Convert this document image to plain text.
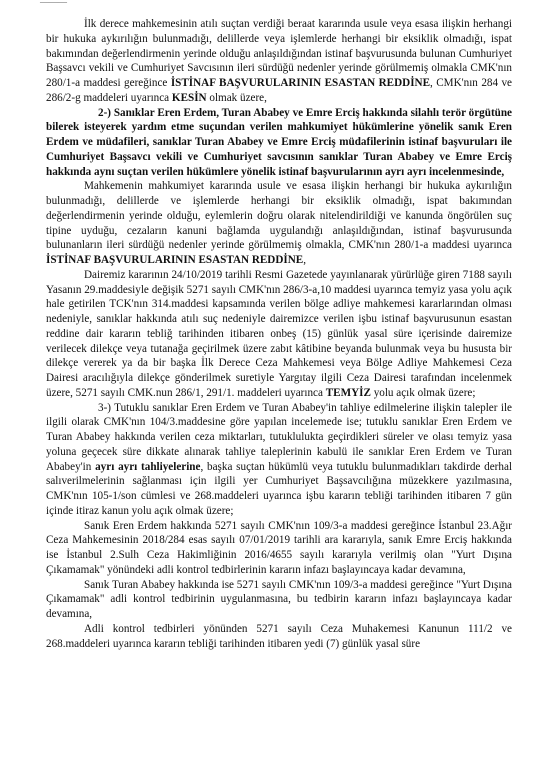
———

İlk derece mahkemesinin atılı suçtan verdiği beraat kararında usule veya esasa ilişkin herhangi bir hukuka aykırılığın bulunmadığı, delillerde veya işlemlerde herhangi bir eksiklik olmadığı, ispat bakımından değerlendirmenin yerinde olduğu anlaşıldığından istinaf başvurusunda bulunan Cumhuriyet Başsavcı vekili ve Cumhuriyet Savcısının ileri sürdüğü nedenler yerinde görülmemiş olmakla CMK'nın 280/1-a maddesi gereğince İSTİNAF BAŞVURULARININ ESASTAN REDDİNE, CMK'nın 284 ve 286/2-g maddeleri uyarınca KESİN olmak üzere,

2-) Sanıklar Eren Erdem, Turan Ababey ve Emre Erciş hakkında silahlı terör örgütüne bilerek isteyerek yardım etme suçundan verilen mahkumiyet hükümlerine yönelik sanık Eren Erdem ve müdafileri, sanıklar Turan Ababey ve Emre Erciş müdafilerinin istinaf başvuruları ile Cumhuriyet Başsavcı vekili ve Cumhuriyet savcısının sanıklar Turan Ababey ve Emre Erciş hakkında aynı suçtan verilen hükümlere yönelik istinaf başvurularının ayrı ayrı incelenmesinde,

Mahkemenin mahkumiyet kararında usule ve esasa ilişkin herhangi bir hukuka aykırılığın bulunmadığı, delillerde ve işlemlerde herhangi bir eksiklik olmadığı, ispat bakımından değerlendirmenin yerinde olduğu, eylemlerin doğru olarak nitelendirildiği ve kanunda öngörülen suç tipine uyduğu, cezaların kanuni bağlamda uygulandığı anlaşıldığından, istinaf başvurusunda bulunanların ileri sürdüğü nedenler yerinde görülmemiş olmakla, CMK'nın 280/1-a maddesi uyarınca İSTİNAF BAŞVURULARININ ESASTAN REDDİNE,

Dairemiz kararının 24/10/2019 tarihli Resmi Gazetede yayınlanarak yürürlüğe giren 7188 sayılı Yasanın 29.maddesiyle değişik 5271 sayılı CMK'nın 286/3-a,10 maddesi uyarınca temyiz yasa yolu açık hale getirilen TCK'nın 314.maddesi kapsamında verilen bölge adliye mahkemesi kararlarından olması nedeniyle, sanıklar hakkında atılı suç nedeniyle dairemizce verilen işbu istinaf başvurusunun esastan reddine dair kararın tebliğ tarihinden itibaren onbeş (15) günlük yasal süre içerisinde dairemize verilecek dilekçe veya tutanağa geçirilmek üzere zabıt kâtibine beyanda bulunmak veya bu hususta bir dilekçe vererek ya da bir başka İlk Derece Ceza Mahkemesi veya Bölge Adliye Mahkemesi Ceza Dairesi aracılığıyla dilekçe gönderilmek suretiyle Yargıtay ilgili Ceza Dairesi tarafından incelenmek üzere, 5271 sayılı CMK.nun 286/1, 291/1. maddeleri uyarınca TEMYİZ yolu açık olmak üzere;

3-) Tutuklu sanıklar Eren Erdem ve Turan Ababey'in tahliye edilmelerine ilişkin talepler ile ilgili olarak CMK'nın 104/3.maddesine göre yapılan incelemede ise; tutuklu sanıklar Eren Erdem ve Turan Ababey hakkında verilen ceza miktarları, tutuklulukta geçirdikleri süreler ve olası temyiz yasa yoluna geçecek süre dikkate alınarak tahliye taleplerinin kabulü ile sanıklar Eren Erdem ve Turan Ababey'in ayrı ayrı tahliyelerine, başka suçtan hükümlü veya tutuklu bulunmadıkları takdirde derhal salıverilmelerinin sağlanması için ilgili yer Cumhuriyet Başsavcılığına müzekkere yazılmasına, CMK'nın 105-1/son cümlesi ve 268.maddeleri uyarınca işbu kararın tebliği tarihinden itibaren 7 gün içinde itiraz kanun yolu açık olmak üzere;

Sanık Eren Erdem hakkında 5271 sayılı CMK'nın 109/3-a maddesi gereğince İstanbul 23.Ağır Ceza Mahkemesinin 2018/284 esas sayılı 07/01/2019 tarihli ara kararıyla, sanık Emre Erciş hakkında ise İstanbul 2.Sulh Ceza Hakimliğinin 2016/4655 sayılı kararıyla verilmiş olan "Yurt Dışına Çıkamamak" yönündeki adli kontrol tedbirlerinin kararın infazı başlayıncaya kadar devamına,

Sanık Turan Ababey hakkında ise 5271 sayılı CMK'nın 109/3-a maddesi gereğince "Yurt Dışına Çıkamamak" adli kontrol tedbirinin uygulanmasına, bu tedbirin kararın infazı başlayıncaya kadar devamına,

Adli kontrol tedbirleri yönünden 5271 sayılı Ceza Muhakemesi Kanunun 111/2 ve 268.maddeleri uyarınca kararın tebliği tarihinden itibaren yedi (7) günlük yasal süre
